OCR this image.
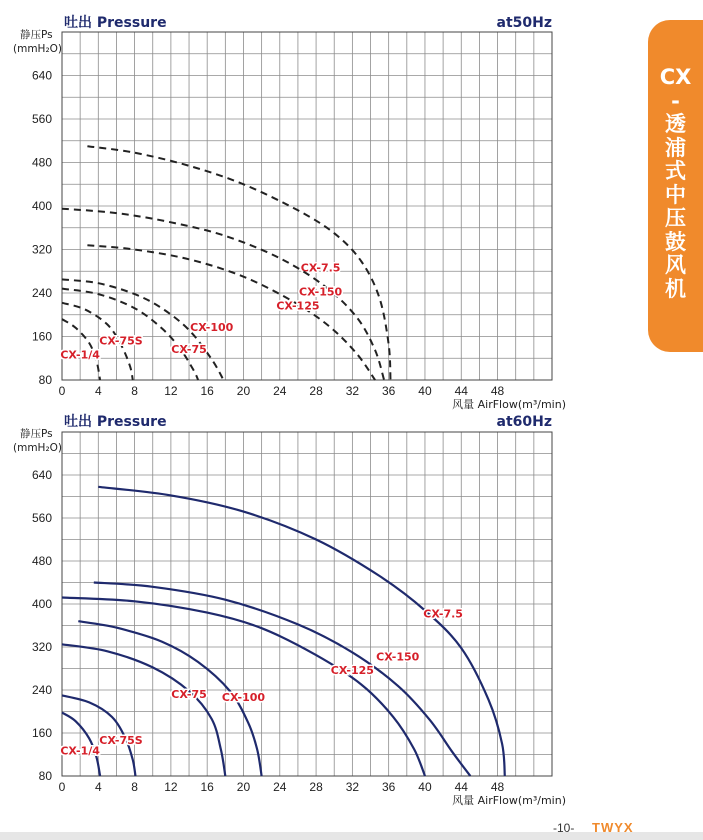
吐出 Pressure	at50Hz
静压Ps
(mmH₂O)
80
160
240
320
400
480
560
640
0 4 8 12 16 20 24 28 32 36 40 44 48
风量 AirFlow(m³/min)
CX-7.5
CX-150
CX-125
CX-100
CX-75
CX-75S
CX-1/4
吐出 Pressure	at60Hz
静压Ps
(mmH₂O)
80
160
240
320
400
480
560
640
0 4 8 12 16 20 24 28 32 36 40 44 48
风量 AirFlow(m³/min)
CX-7.5
CX-150
CX-125
CX-100
CX-75
CX-75S
CX-1/4
CX
-
透
浦
式
中
压
鼓
风
机
-10- TWYX
